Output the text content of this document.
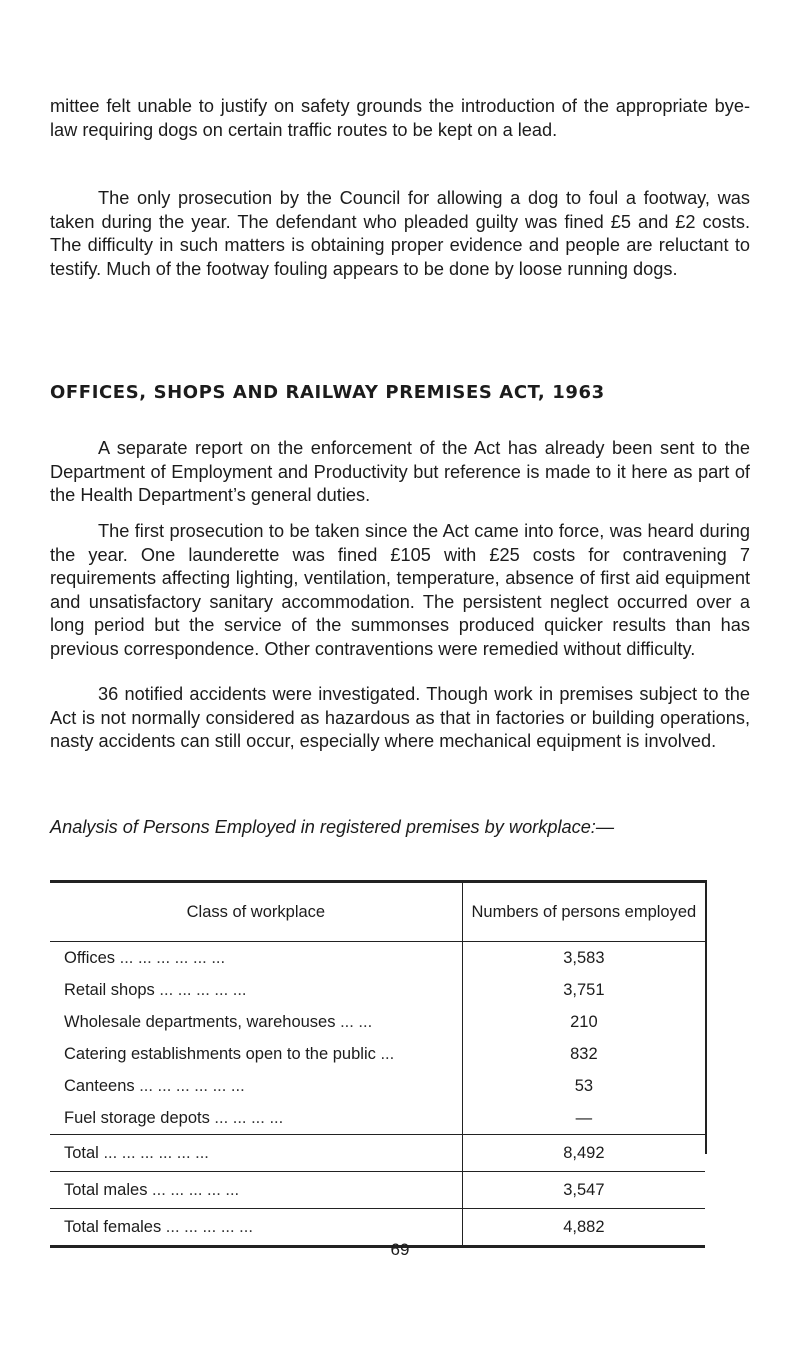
mittee felt unable to justify on safety grounds the introduction of the appropriate bye-law requiring dogs on certain traffic routes to be kept on a lead.

The only prosecution by the Council for allowing a dog to foul a footway, was taken during the year. The defendant who pleaded guilty was fined £5 and £2 costs. The difficulty in such matters is obtaining proper evidence and people are reluctant to testify. Much of the footway fouling appears to be done by loose running dogs.

OFFICES, SHOPS AND RAILWAY PREMISES ACT, 1963

A separate report on the enforcement of the Act has already been sent to the Department of Employment and Productivity but reference is made to it here as part of the Health Department’s general duties.

The first prosecution to be taken since the Act came into force, was heard during the year. One launderette was fined £105 with £25 costs for contravening 7 requirements affecting lighting, ventilation, temperature, absence of first aid equipment and unsatisfactory sanitary accommodation. The persistent neglect occurred over a long period but the service of the summonses produced quicker results than has previous correspondence. Other contraventions were remedied without difficulty.

36 notified accidents were investigated. Though work in premises subject to the Act is not normally considered as hazardous as that in factories or building operations, nasty accidents can still occur, especially where mechanical equipment is involved.

Analysis of Persons Employed in registered premises by workplace:—

Class of workplace	Numbers of persons employed
Offices ... ... ... ... ... ...	3,583
Retail shops ... ... ... ... ...	3,751
Wholesale departments, warehouses ... ...	210
Catering establishments open to the public ...	832
Canteens ... ... ... ... ... ...	53
Fuel storage depots ... ... ... ...	—
Total ... ... ... ... ... ...	8,492
Total males ... ... ... ... ...	3,547
Total females ... ... ... ... ...	4,882

69
